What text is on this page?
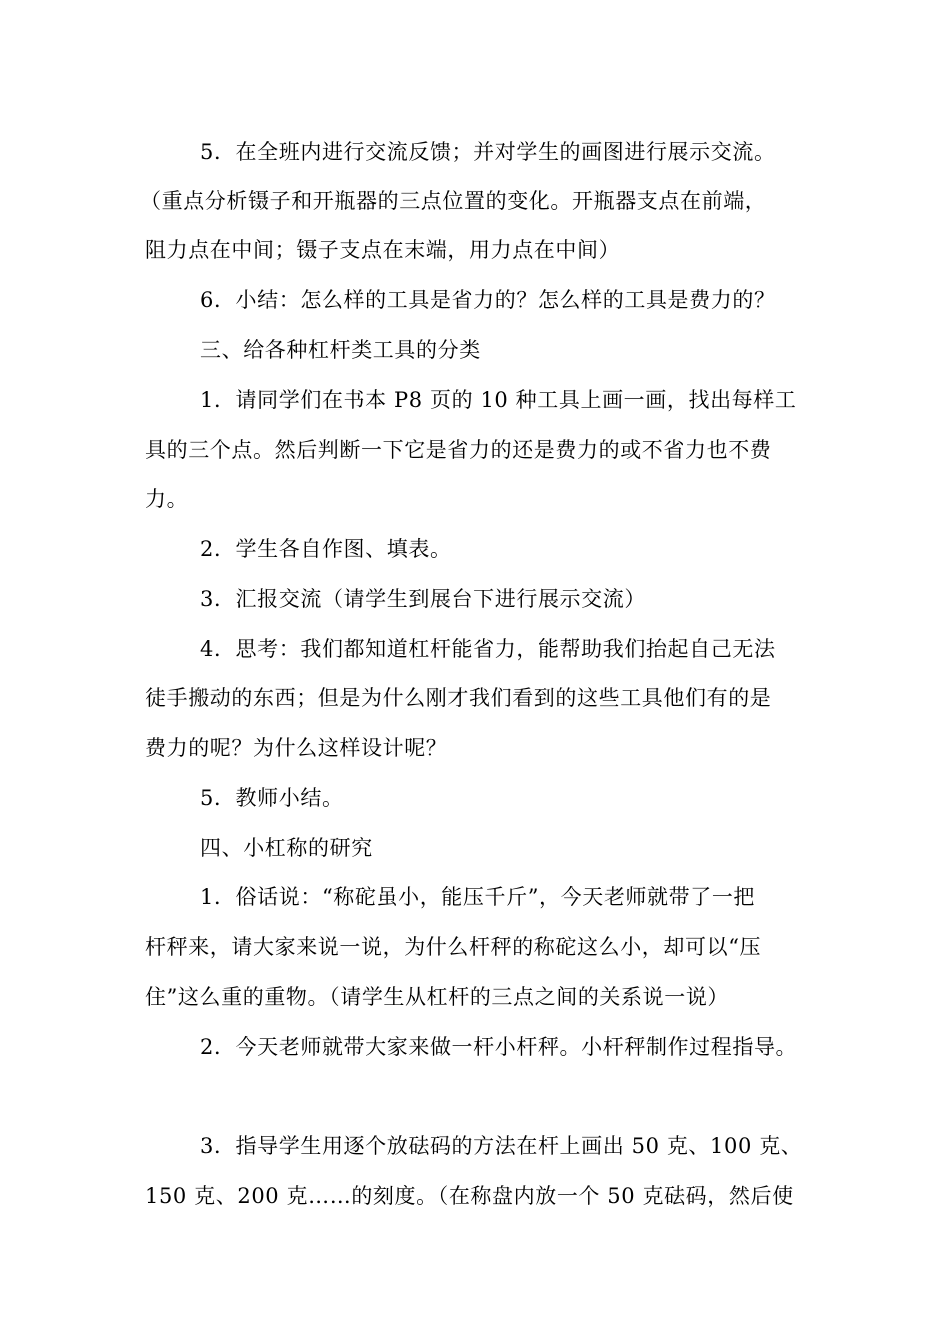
5．在全班内进行交流反馈；并对学生的画图进行展示交流。
（重点分析镊子和开瓶器的三点位置的变化。开瓶器支点在前端，
阻力点在中间；镊子支点在末端，用力点在中间）
6．小结：怎么样的工具是省力的？怎么样的工具是费力的？
三、给各种杠杆类工具的分类
1．请同学们在书本 P8 页的 10 种工具上画一画，找出每样工
具的三个点。然后判断一下它是省力的还是费力的或不省力也不费
力。
2．学生各自作图、填表。
3．汇报交流（请学生到展台下进行展示交流）
4．思考：我们都知道杠杆能省力，能帮助我们抬起自己无法
徒手搬动的东西；但是为什么刚才我们看到的这些工具他们有的是
费力的呢？为什么这样设计呢？
5．教师小结。
四、小杠称的研究
1．俗话说：“称砣虽小，能压千斤”，今天老师就带了一把
杆秤来，请大家来说一说，为什么杆秤的称砣这么小，却可以“压
住”这么重的重物。（请学生从杠杆的三点之间的关系说一说）
2．今天老师就带大家来做一杆小杆秤。小杆秤制作过程指导。
3．指导学生用逐个放砝码的方法在杆上画出 50 克、100 克、
150 克、200 克……的刻度。（在称盘内放一个 50 克砝码，然后使
